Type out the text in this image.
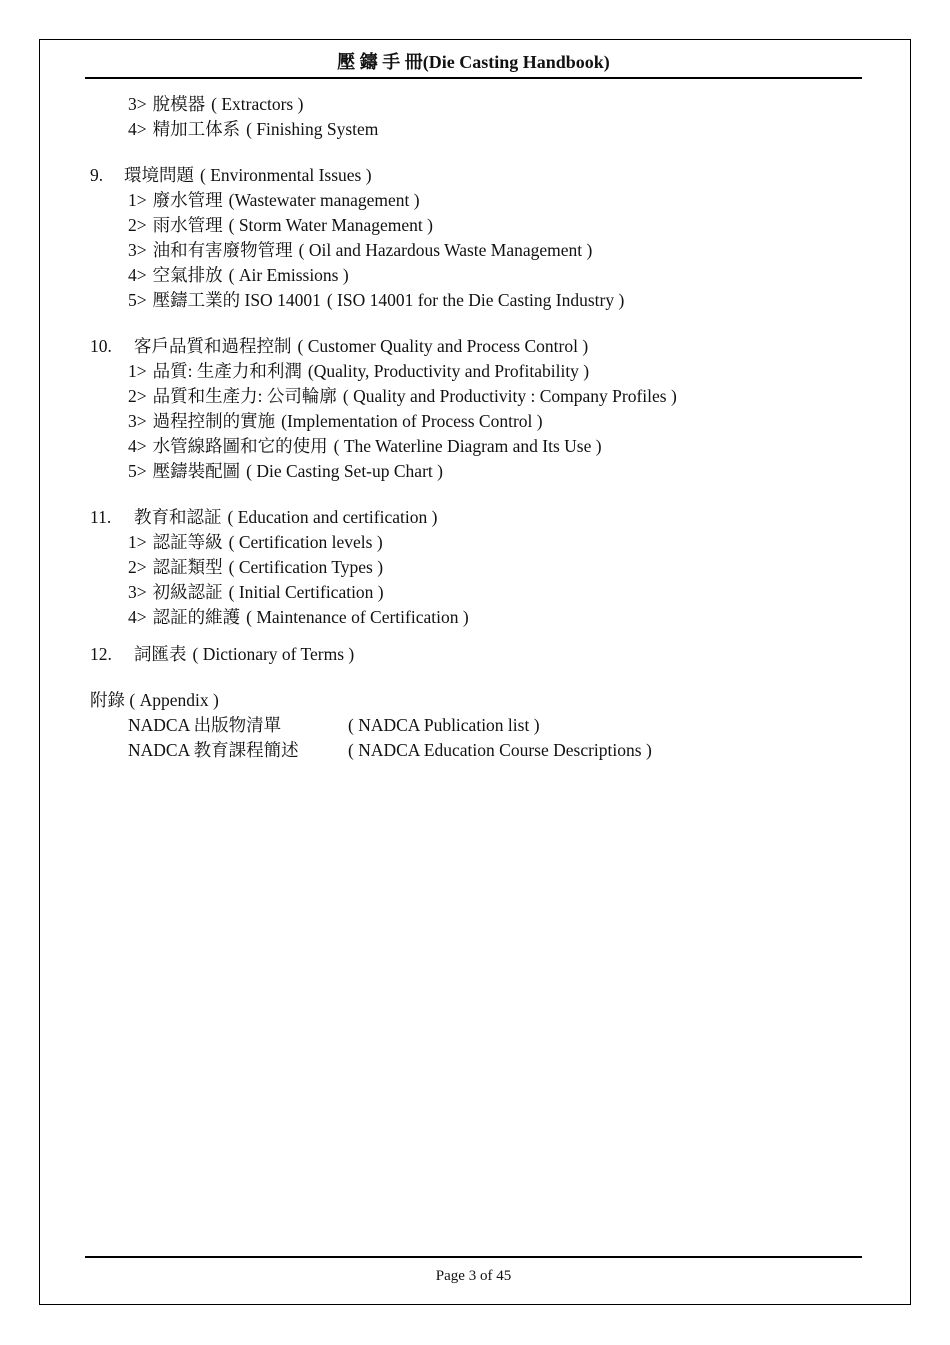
壓 鑄 手 冊(Die Casting Handbook)
3> 脫模器 ( Extractors )
4> 精加工体系 ( Finishing System
9. 環境問題 ( Environmental Issues )
1> 廢水管理 (Wastewater management )
2> 雨水管理 ( Storm Water Management )
3> 油和有害廢物管理 ( Oil and Hazardous Waste Management )
4> 空氣排放 ( Air Emissions )
5> 壓鑄工業的 ISO 14001 ( ISO 14001 for the Die Casting Industry )
10. 客戶品質和過程控制 ( Customer Quality and Process Control )
1> 品質: 生產力和利潤 (Quality, Productivity and Profitability )
2> 品質和生產力: 公司輪廓 ( Quality and Productivity : Company Profiles )
3> 過程控制的實施 (Implementation of Process Control )
4> 水管線路圖和它的使用 ( The Waterline Diagram and Its Use )
5> 壓鑄裝配圖 ( Die Casting Set-up Chart )
11. 教育和認証 ( Education and certification )
1> 認証等級 ( Certification levels )
2> 認証類型 ( Certification Types )
3> 初級認証 ( Initial Certification )
4> 認証的維護 ( Maintenance of Certification )
12. 詞匯表 ( Dictionary of Terms )
附錄 ( Appendix )
NADCA 出版物清單	( NADCA Publication list )
NADCA 教育課程簡述	( NADCA Education Course Descriptions )
Page 3 of 45
